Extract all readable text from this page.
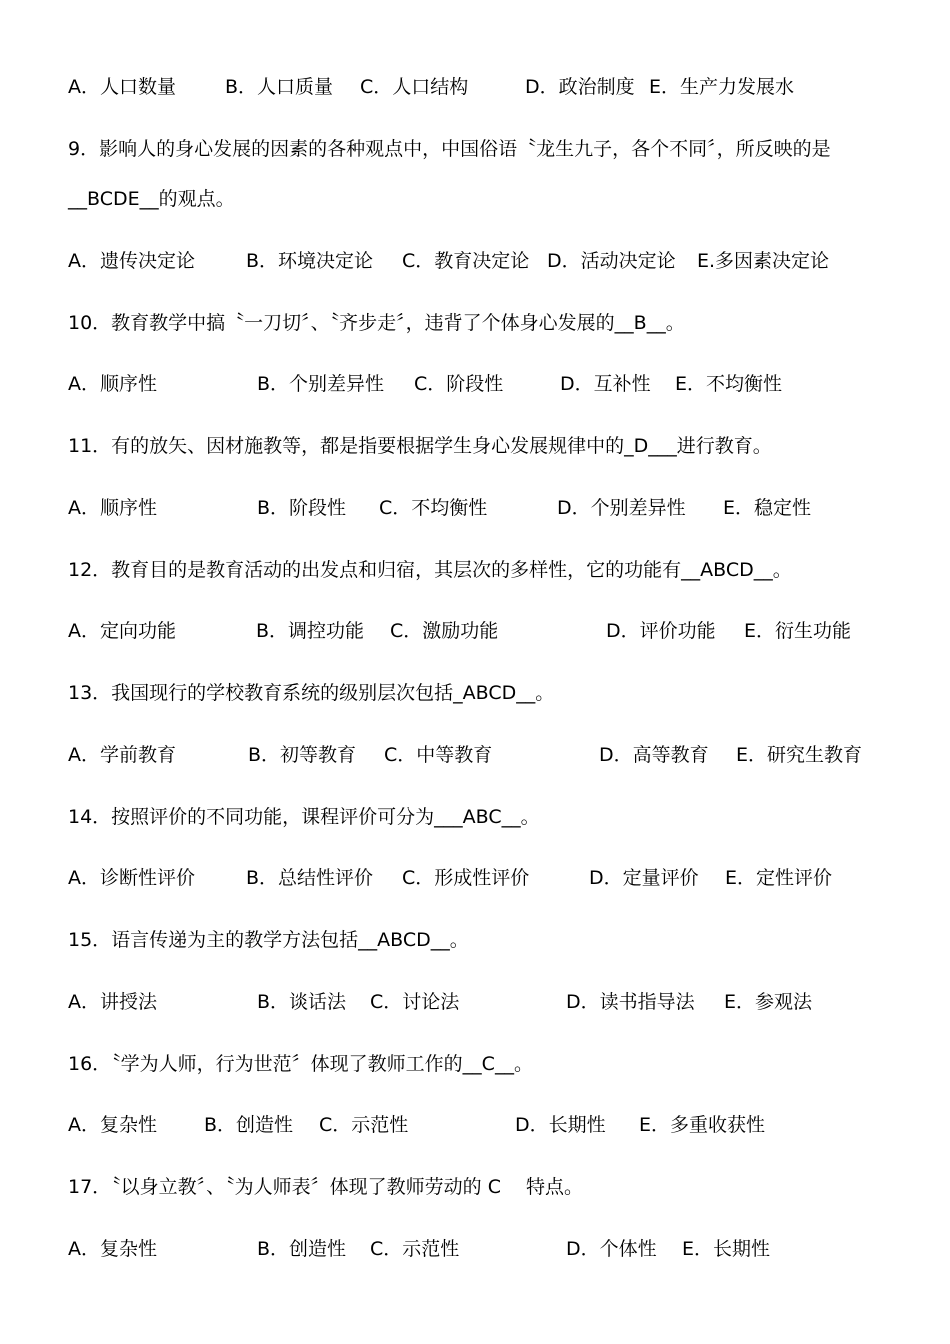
A．人口数量	B．人口质量 C．人口结构	D．政治制度 E．生产力发展水
9．影响人的身心发展的因素的各种观点中，中国俗语〝龙生九子，各个不同〞，所反映的是
__BCDE__的观点。
A．遗传决定论	B．环境决定论 C．教育决定论 D．活动决定论 E.多因素决定论
10．教育教学中搞〝一刀切〞、〝齐步走〞，违背了个体身心发展的__B__。
A．顺序性	B．个别差异性 C．阶段性	D．互补性 E．不均衡性
11．有的放矢、因材施教等，都是指要根据学生身心发展规律中的_D___进行教育。
A．顺序性	B．阶段性 C．不均衡性	D．个别差异性 E．稳定性
12．教育目的是教育活动的出发点和归宿，其层次的多样性，它的功能有__ABCD__。
A．定向功能	B．调控功能 C．激励功能	D．评价功能 E．衍生功能
13．我国现行的学校教育系统的级别层次包括_ABCD__。
A．学前教育	B．初等教育 C．中等教育	D．高等教育 E．研究生教育
14．按照评价的不同功能，课程评价可分为___ABC__。
A．诊断性评价	B．总结性评价 C．形成性评价	D．定量评价 E．定性评价
15．语言传递为主的教学方法包括__ABCD__。
A．讲授法	B．谈话法 C．讨论法	D．读书指导法 E．参观法
16．〝学为人师，行为世范〞体现了教师工作的__C__。
A．复杂性 B．创造性 C．示范性	D．长期性 E．多重收获性
17．〝以身立教〞、〝为人师表〞体现了教师劳动的 C　 特点。
A．复杂性	B．创造性 C．示范性	D．个体性 E．长期性
